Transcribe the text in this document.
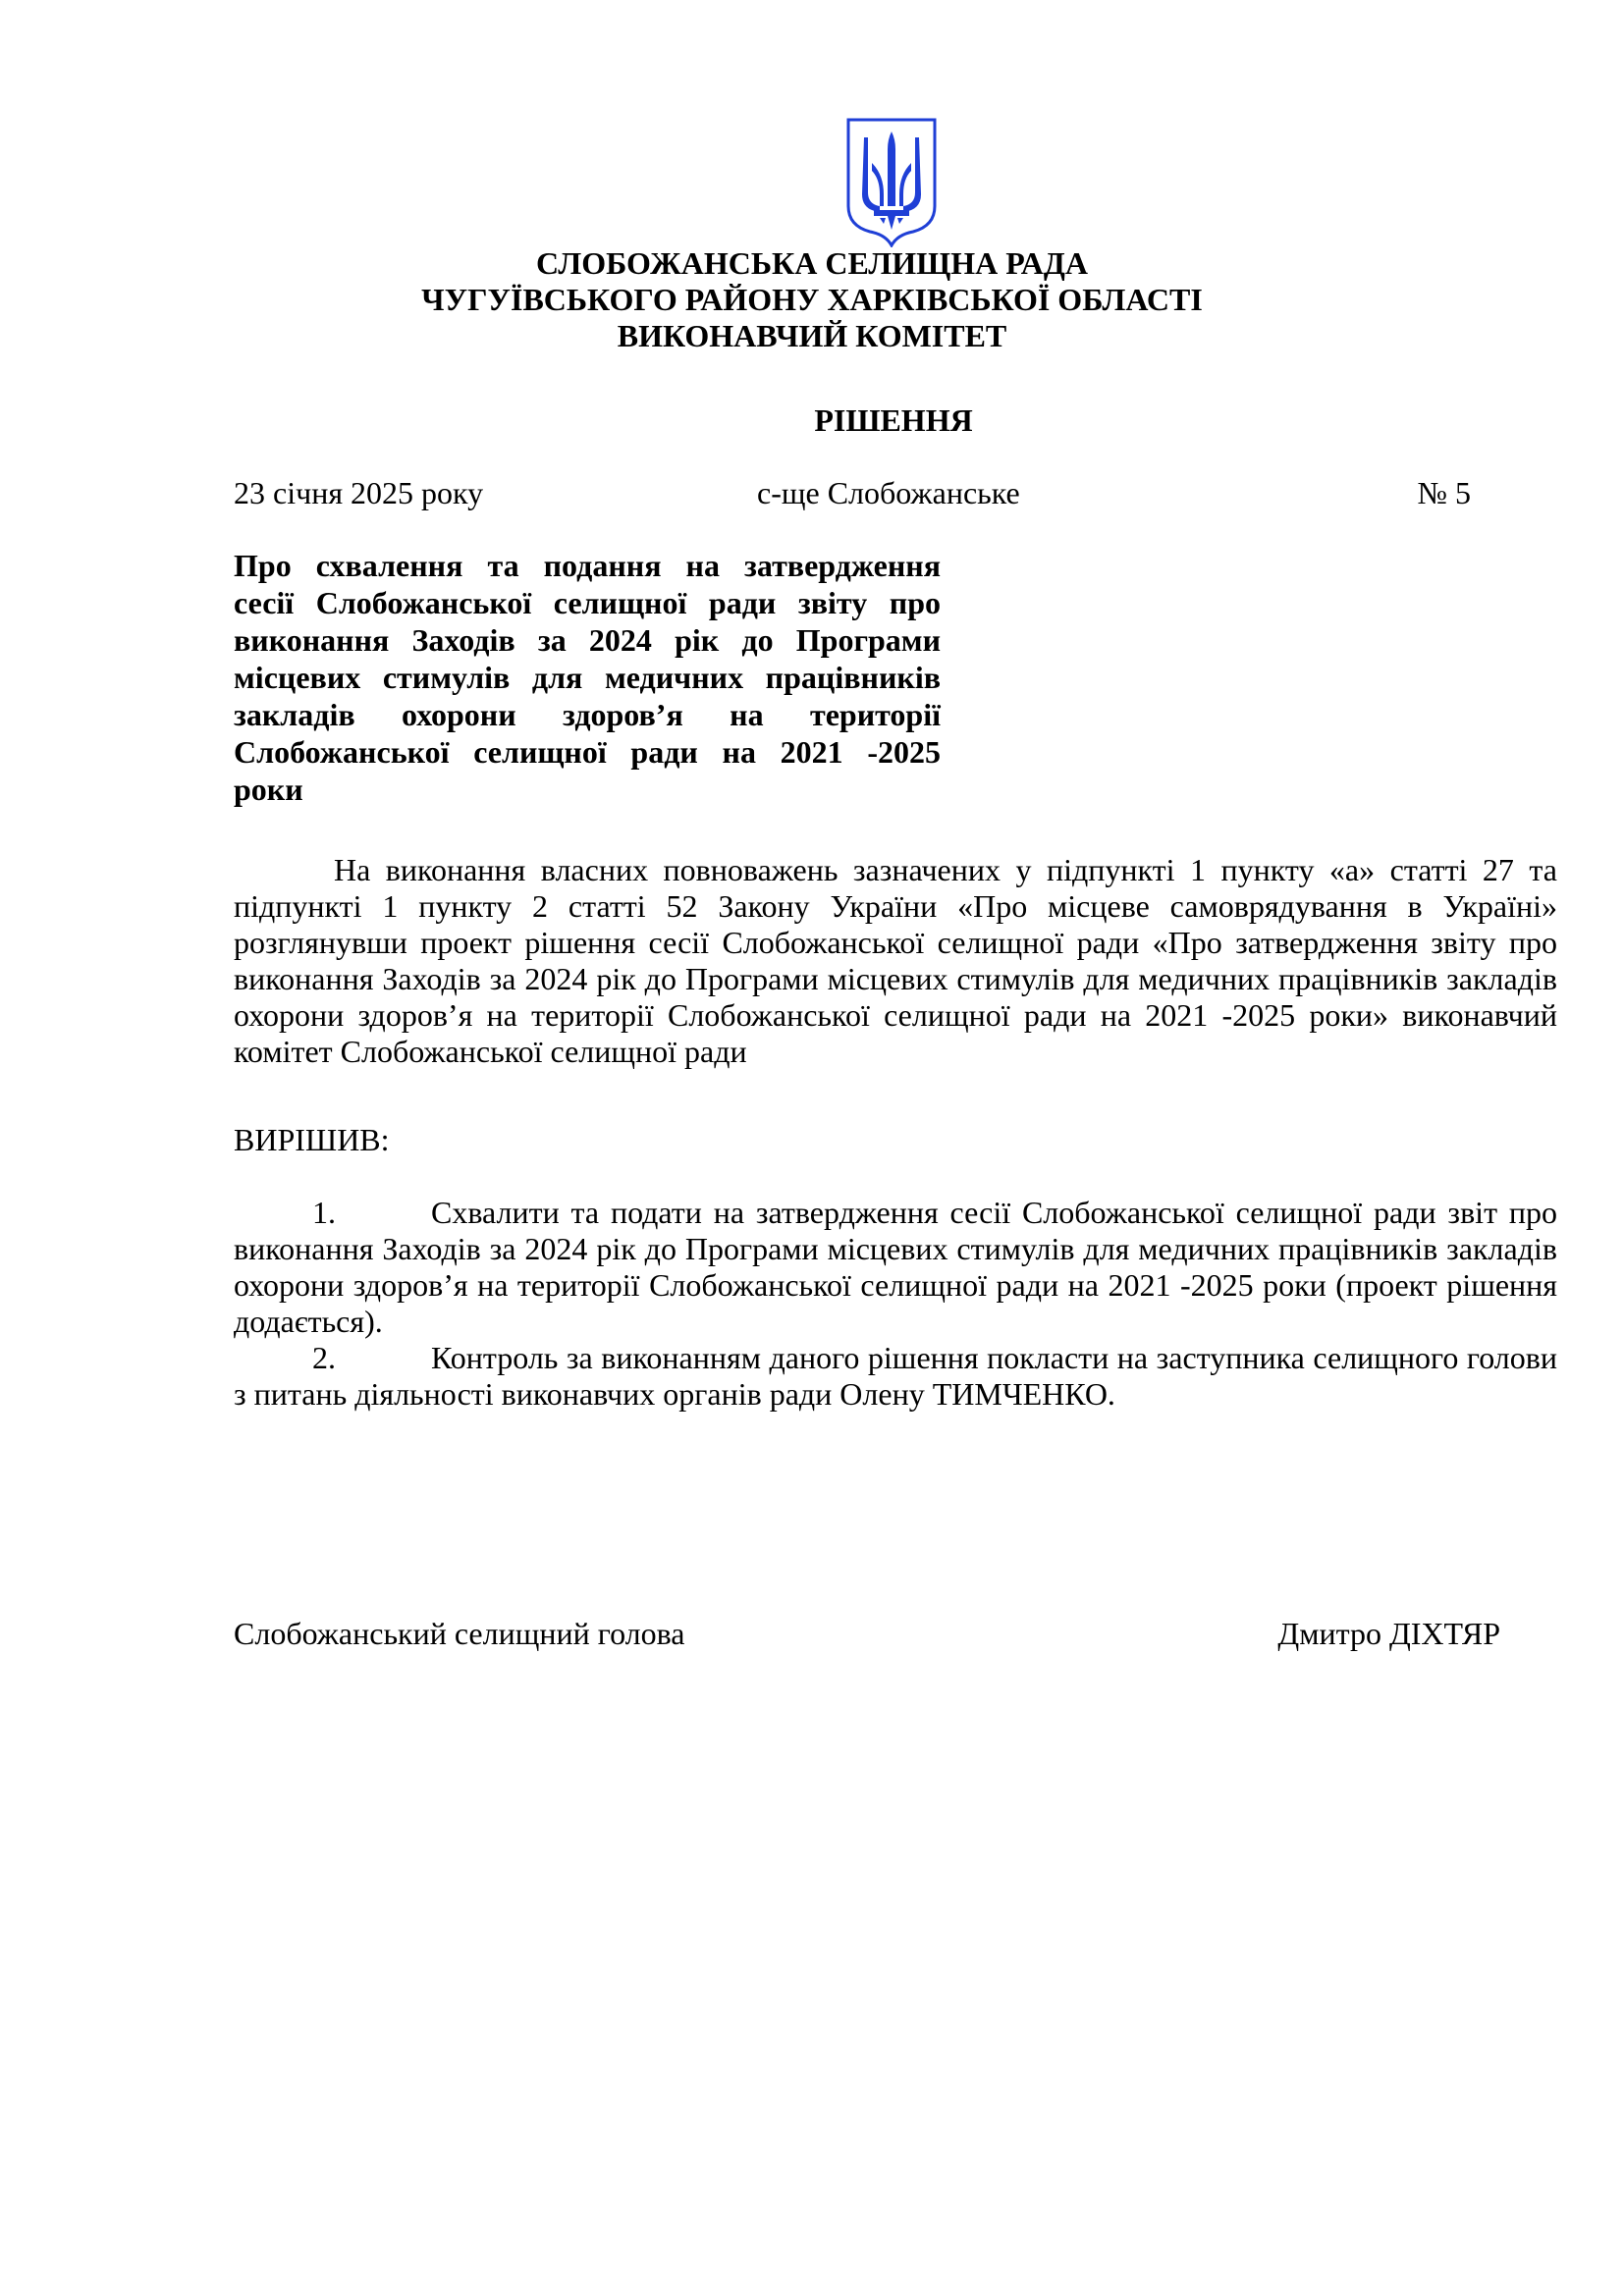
СЛОБОЖАНСЬКА СЕЛИЩНА РАДА
ЧУГУЇВСЬКОГО РАЙОНУ ХАРКІВСЬКОЇ ОБЛАСТІ
ВИКОНАВЧИЙ КОМІТЕТ
РІШЕННЯ
23 січня 2025 року	с-ще Слобожанське	№ 5
Про схвалення та подання на затвердження
сесії Слобожанської селищної ради звіту про
виконання Заходів за 2024 рік до Програми
місцевих стимулів для медичних працівників
закладів охорони здоров’я на території
Слобожанської селищної ради на 2021 -2025
роки
На виконання власних повноважень зазначених у підпункті 1 пункту «а» статті 27 та підпункті 1 пункту 2 статті 52 Закону України «Про місцеве самоврядування в Україні» розглянувши проект рішення сесії Слобожанської селищної ради «Про затвердження звіту про виконання Заходів за 2024 рік до Програми місцевих стимулів для медичних працівників закладів охорони здоров’я на території Слобожанської селищної ради на 2021 -2025 роки» виконавчий комітет Слобожанської селищної ради
ВИРІШИВ:

1.	Схвалити та подати на затвердження сесії Слобожанської селищної ради звіт про виконання Заходів за 2024 рік до Програми місцевих стимулів для медичних працівників закладів охорони здоров’я на території Слобожанської селищної ради на 2021 -2025 роки (проект рішення додається).

2.	Контроль за виконанням даного рішення покласти на заступника селищного голови з питань діяльності виконавчих органів ради Олену ТИМЧЕНКО.

Слобожанський селищний голова	Дмитро ДІХТЯР
